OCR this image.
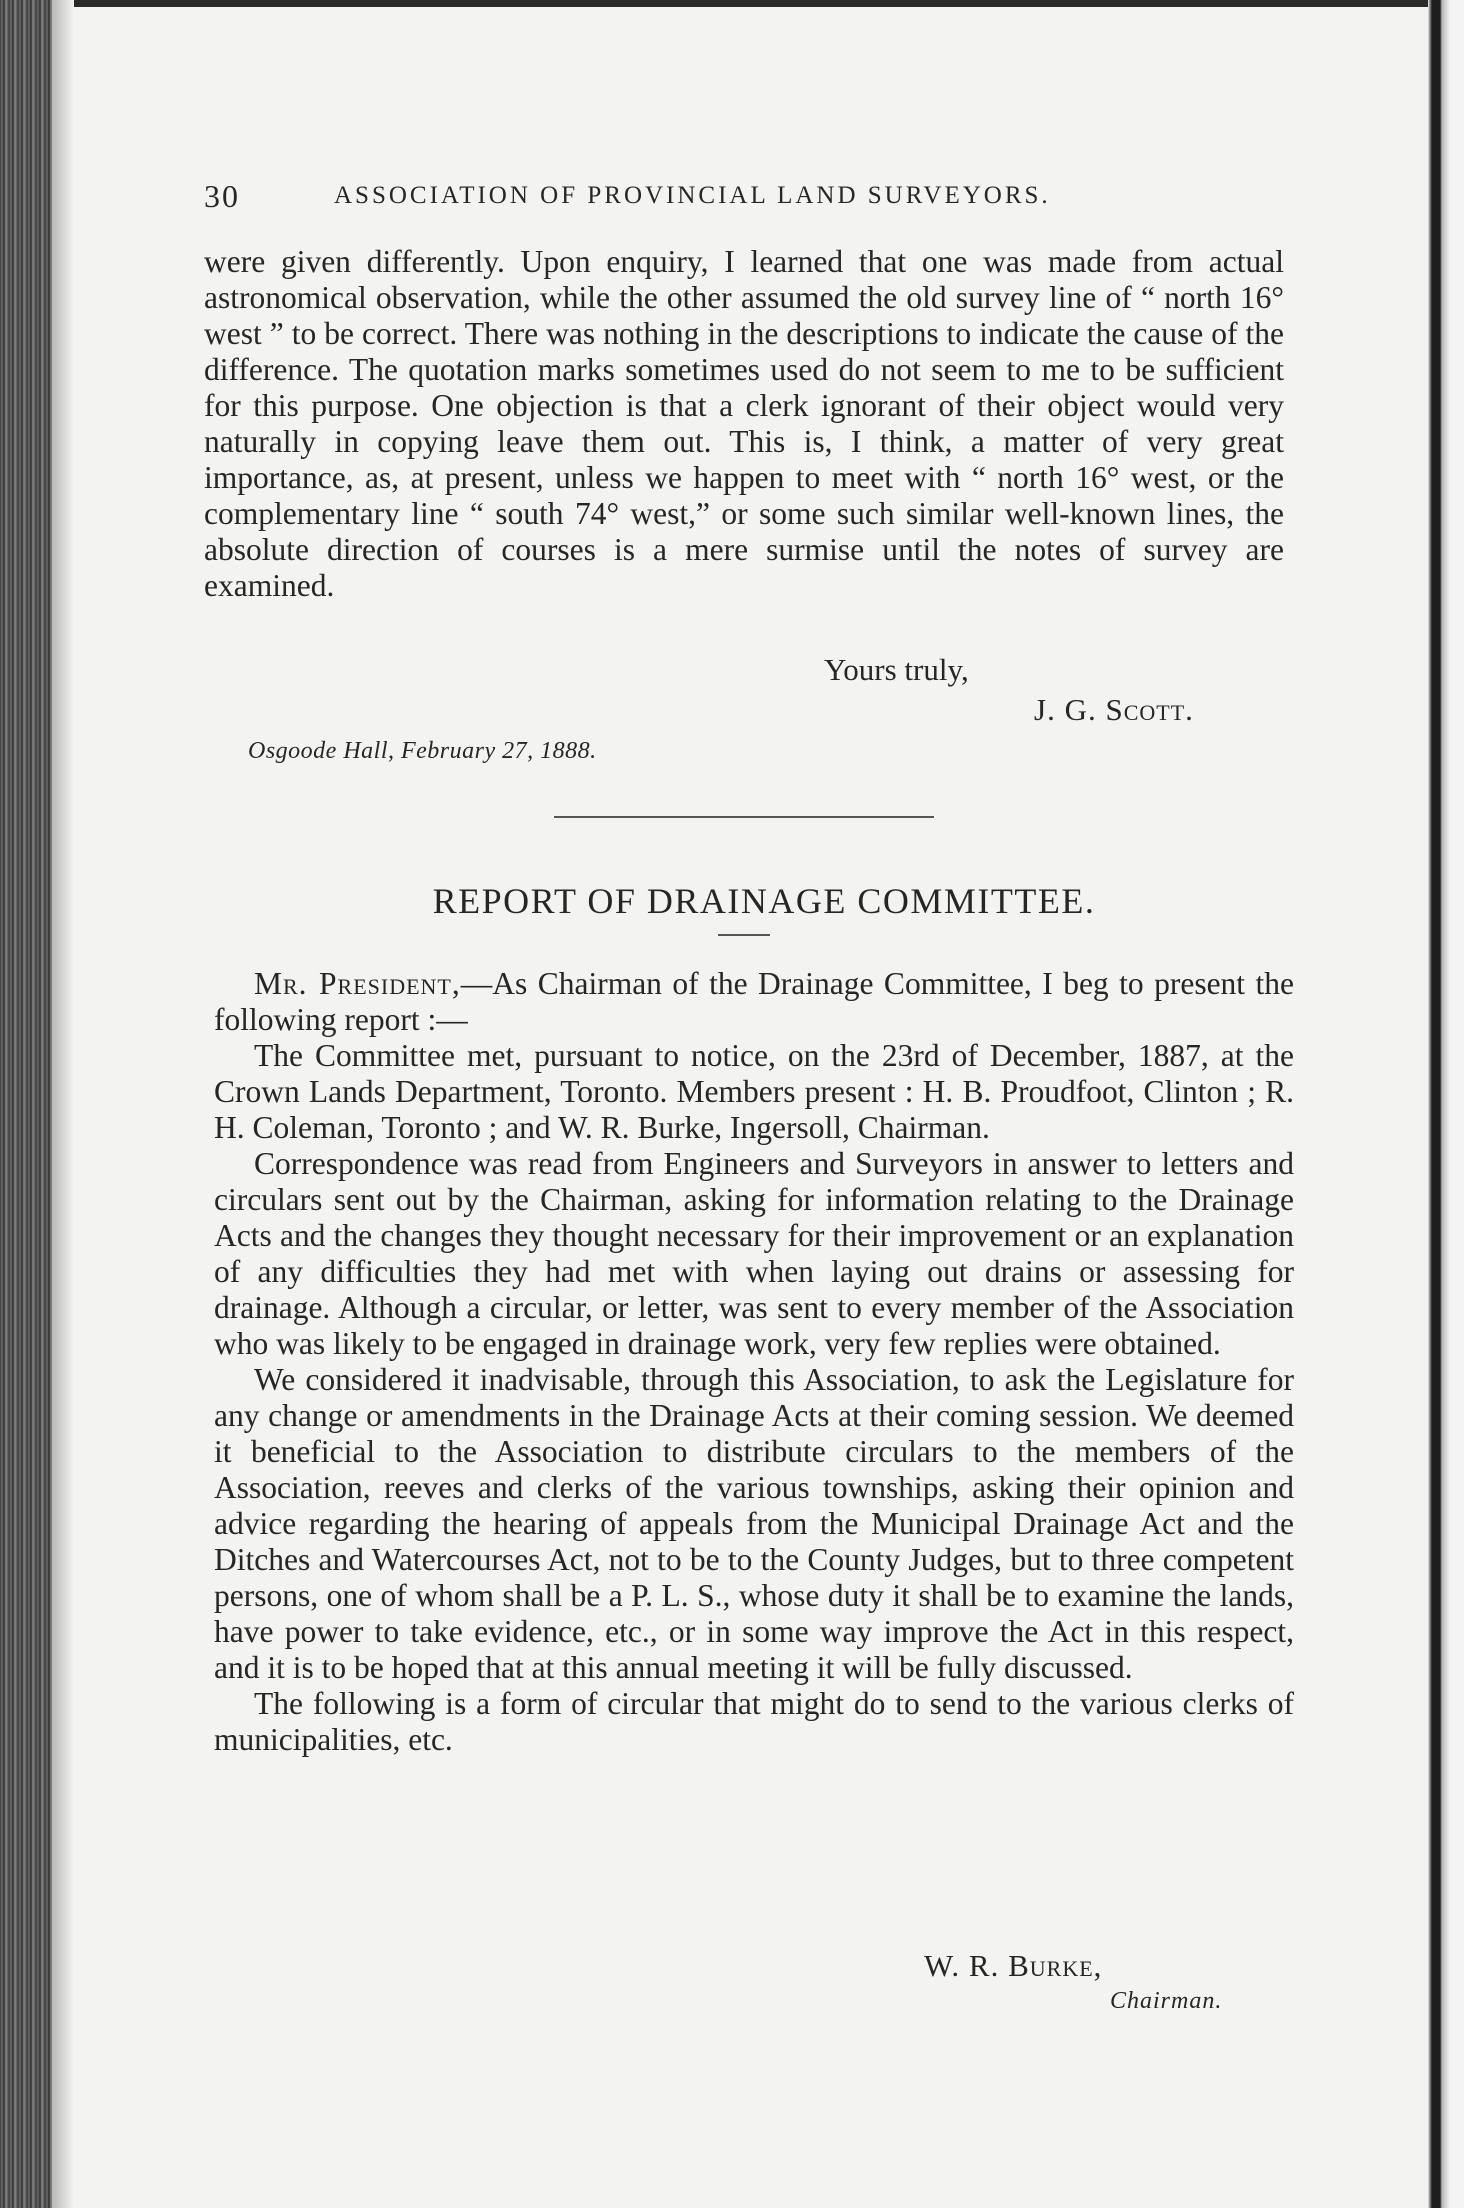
30	ASSOCIATION OF PROVINCIAL LAND SURVEYORS.
were given differently. Upon enquiry, I learned that one was made from actual astronomical observation, while the other assumed the old survey line of “ north 16° west ” to be correct. There was nothing in the descriptions to indicate the cause of the difference. The quotation marks sometimes used do not seem to me to be sufficient for this purpose. One objection is that a clerk ignorant of their object would very naturally in copying leave them out. This is, I think, a matter of very great importance, as, at present, unless we happen to meet with “ north 16° west, or the complementary line “ south 74° west,” or some such similar well-known lines, the absolute direction of courses is a mere surmise until the notes of survey are examined.
Yours truly,
J. G. Scott.
Osgoode Hall, February 27, 1888.
REPORT OF DRAINAGE COMMITTEE.

Mr. President,—As Chairman of the Drainage Committee, I beg to present the following report :—

The Committee met, pursuant to notice, on the 23rd of December, 1887, at the Crown Lands Department, Toronto. Members present : H. B. Proudfoot, Clinton ; R. H. Coleman, Toronto ; and W. R. Burke, Ingersoll, Chairman.

Correspondence was read from Engineers and Surveyors in answer to letters and circulars sent out by the Chairman, asking for information relating to the Drainage Acts and the changes they thought necessary for their improvement or an explanation of any difficulties they had met with when laying out drains or assessing for drainage. Although a circular, or letter, was sent to every member of the Association who was likely to be engaged in drainage work, very few replies were obtained.

We considered it inadvisable, through this Association, to ask the Legislature for any change or amendments in the Drainage Acts at their coming session. We deemed it beneficial to the Association to distribute circulars to the members of the Association, reeves and clerks of the various townships, asking their opinion and advice regarding the hearing of appeals from the Municipal Drainage Act and the Ditches and Watercourses Act, not to be to the County Judges, but to three competent persons, one of whom shall be a P. L. S., whose duty it shall be to examine the lands, have power to take evidence, etc., or in some way improve the Act in this respect, and it is to be hoped that at this annual meeting it will be fully discussed.

The following is a form of circular that might do to send to the various clerks of municipalities, etc.

W. R. Burke,
Chairman.
